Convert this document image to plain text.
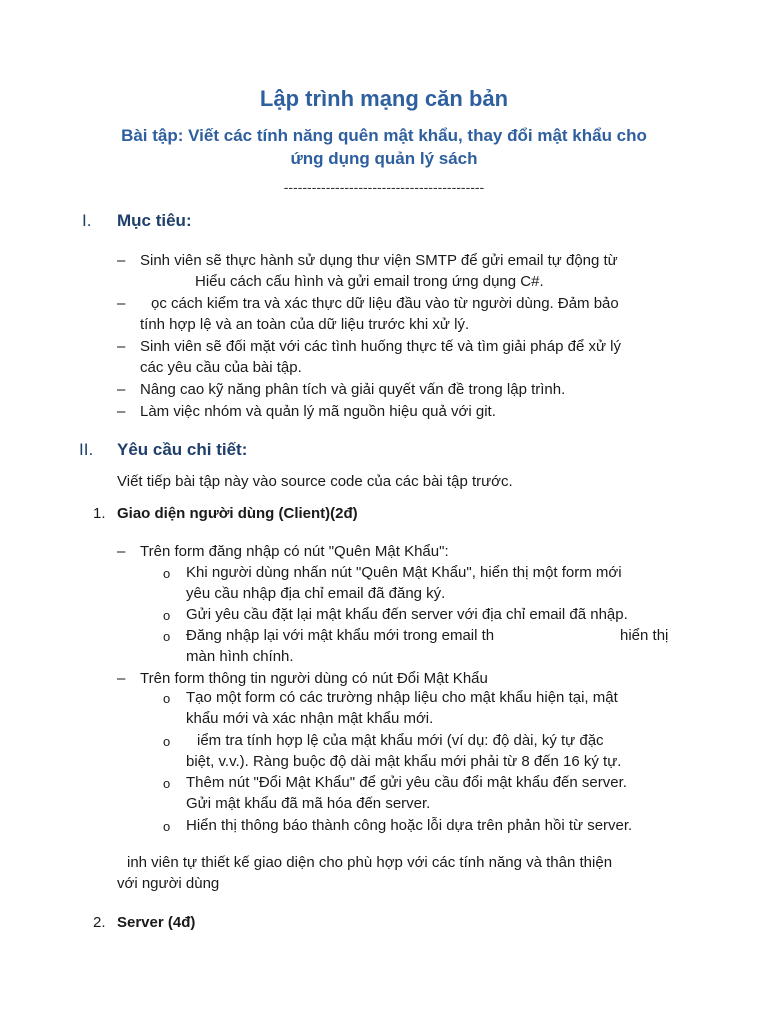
Lập trình mạng căn bản
Bài tập: Viết các tính năng quên mật khẩu, thay đổi mật khẩu cho
ứng dụng quản lý sách
-------------------------------------------
I. Mục tiêu:
– Sinh viên sẽ thực hành sử dụng thư viện SMTP để gửi email tự động từ
Hiểu cách cấu hình và gửi email trong ứng dụng C#.
– ọc cách kiểm tra và xác thực dữ liệu đầu vào từ người dùng. Đảm bảo
tính hợp lệ và an toàn của dữ liệu trước khi xử lý.
– Sinh viên sẽ đối mặt với các tình huống thực tế và tìm giải pháp để xử lý
các yêu cầu của bài tập.
– Nâng cao kỹ năng phân tích và giải quyết vấn đề trong lập trình.
– Làm việc nhóm và quản lý mã nguồn hiệu quả với git.
II. Yêu cầu chi tiết:
Viết tiếp bài tập này vào source code của các bài tập trước.
1. Giao diện người dùng (Client)(2đ)
– Trên form đăng nhập có nút "Quên Mật Khẩu":
o Khi người dùng nhấn nút "Quên Mật Khẩu", hiển thị một form mới
yêu cầu nhập địa chỉ email đã đăng ký.
o Gửi yêu cầu đặt lại mật khẩu đến server với địa chỉ email đã nhập.
o Đăng nhập lại với mật khẩu mới trong email th	hiển thị
màn hình chính.
– Trên form thông tin người dùng có nút Đổi Mật Khẩu
o Tạo một form có các trường nhập liệu cho mật khẩu hiện tại, mật
khẩu mới và xác nhận mật khẩu mới.
o iểm tra tính hợp lệ của mật khẩu mới (ví dụ: độ dài, ký tự đặc
biệt, v.v.). Ràng buộc độ dài mật khẩu mới phải từ 8 đến 16 ký tự.
o Thêm nút "Đổi Mật Khẩu" để gửi yêu cầu đổi mật khẩu đến server.
Gửi mật khẩu đã mã hóa đến server.
o Hiển thị thông báo thành công hoặc lỗi dựa trên phản hồi từ server.
inh viên tự thiết kế giao diện cho phù hợp với các tính năng và thân thiện
với người dùng
2. Server (4đ)
